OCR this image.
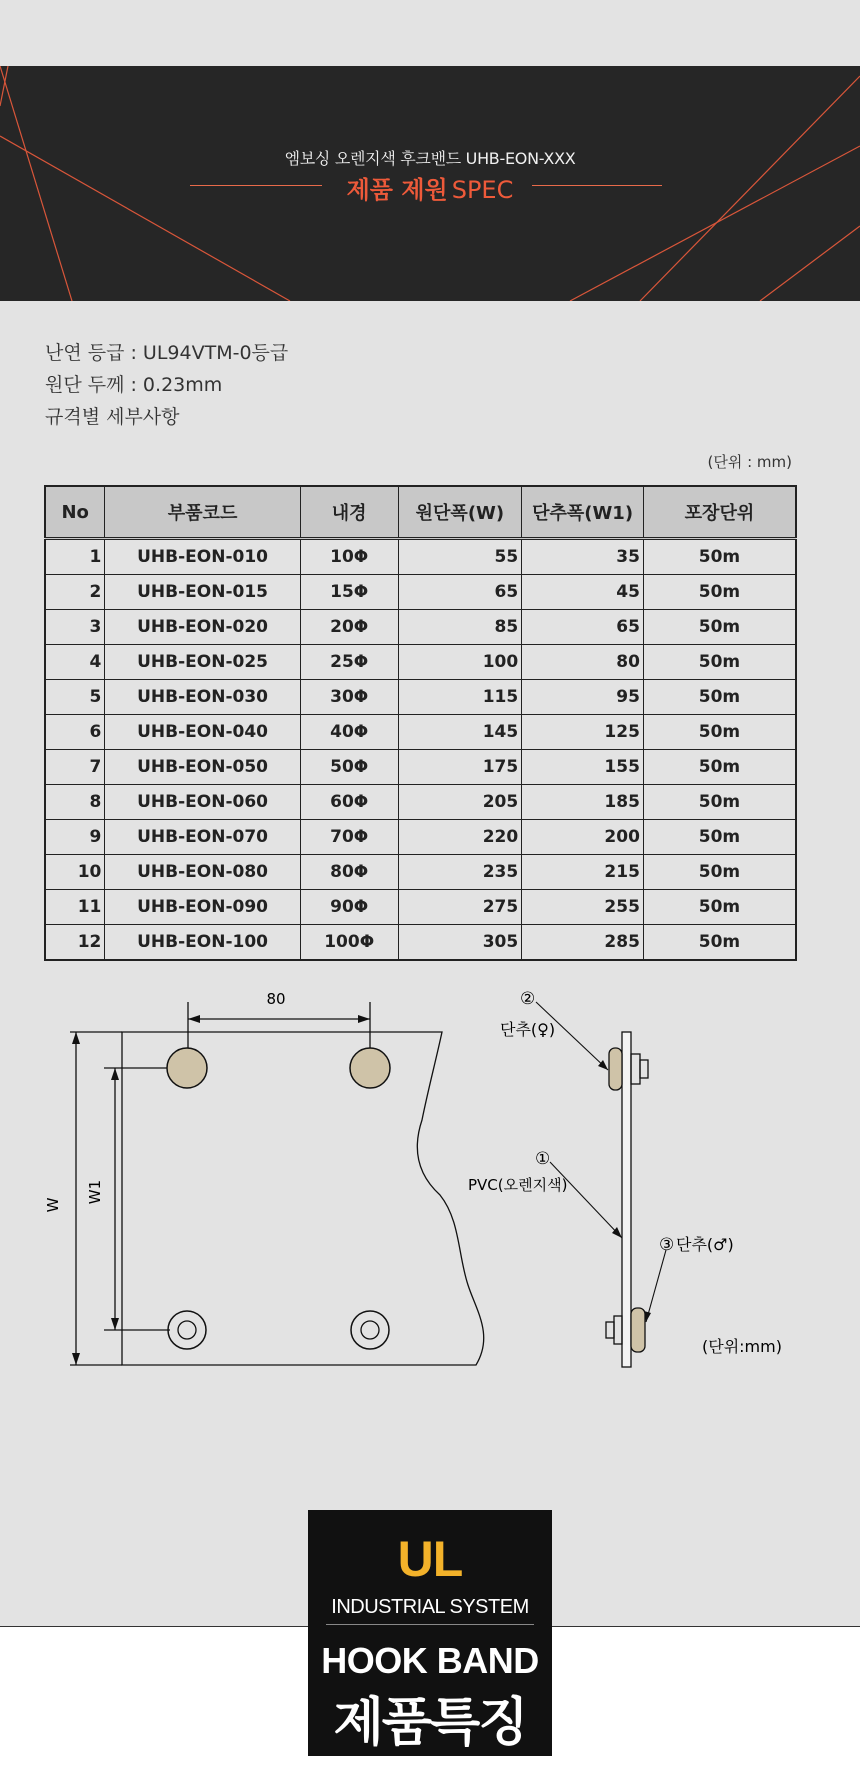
엠보싱 오렌지색 후크밴드 UHB-EON-XXX
제품 제원 SPEC
난연 등급 : UL94VTM-0등급
원단 두께 : 0.23mm
규격별 세부사항
(단위 : mm)
No	부품코드	내경	원단폭(W)	단추폭(W1)	포장단위
1	UHB-EON-010	10Φ	55	35	50m
2	UHB-EON-015	15Φ	65	45	50m
3	UHB-EON-020	20Φ	85	65	50m
4	UHB-EON-025	25Φ	100	80	50m
5	UHB-EON-030	30Φ	115	95	50m
6	UHB-EON-040	40Φ	145	125	50m
7	UHB-EON-050	50Φ	175	155	50m
8	UHB-EON-060	60Φ	205	185	50m
9	UHB-EON-070	70Φ	220	200	50m
10	UHB-EON-080	80Φ	235	215	50m
11	UHB-EON-090	90Φ	275	255	50m
12	UHB-EON-100	100Φ	305	285	50m
80
W
W1
②
단추(♀)
①
PVC(오렌지색)
③ 단추(♂)
(단위:mm)
UL
INDUSTRIAL SYSTEM
HOOK BAND
제품특징
